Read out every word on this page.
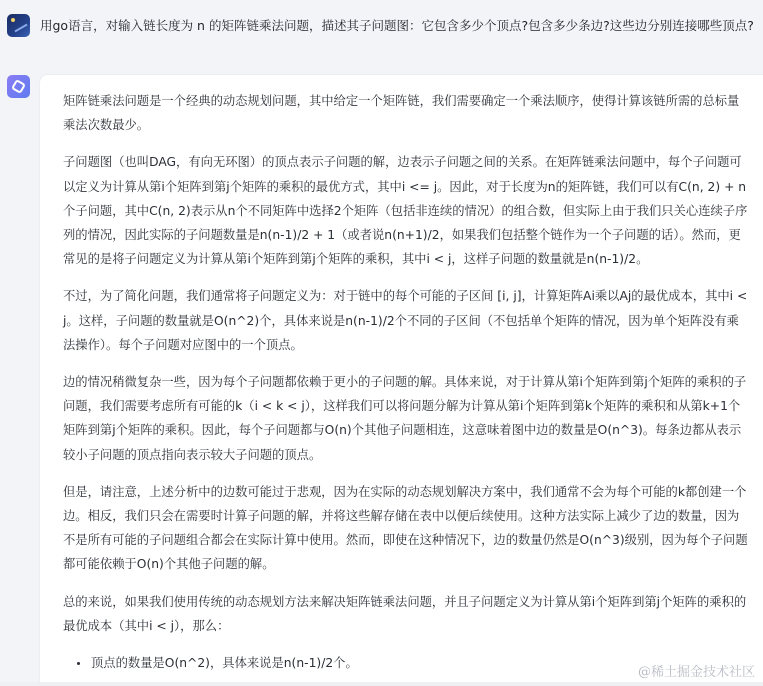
用go语言，对输入链长度为 n 的矩阵链乘法问题，描述其子问题图：它包含多少个顶点?包含多少条边?这些边分别连接哪些顶点?

矩阵链乘法问题是一个经典的动态规划问题，其中给定一个矩阵链，我们需要确定一个乘法顺序，使得计算该链所需的总标量乘法次数最少。

子问题图（也叫DAG，有向无环图）的顶点表示子问题的解，边表示子问题之间的关系。在矩阵链乘法问题中，每个子问题可以定义为计算从第i个矩阵到第j个矩阵的乘积的最优方式，其中i <= j。因此，对于长度为n的矩阵链，我们可以有C(n, 2) + n个子问题，其中C(n, 2)表示从n个不同矩阵中选择2个矩阵（包括非连续的情况）的组合数，但实际上由于我们只关心连续子序列的情况，因此实际的子问题数量是n(n-1)/2 + 1（或者说n(n+1)/2，如果我们包括整个链作为一个子问题的话）。然而，更常见的是将子问题定义为计算从第i个矩阵到第j个矩阵的乘积，其中i < j，这样子问题的数量就是n(n-1)/2。

不过，为了简化问题，我们通常将子问题定义为：对于链中的每个可能的子区间 [i, j]，计算矩阵Ai乘以Aj的最优成本，其中i < j。这样，子问题的数量就是O(n^2)个，具体来说是n(n-1)/2个不同的子区间（不包括单个矩阵的情况，因为单个矩阵没有乘法操作）。每个子问题对应图中的一个顶点。

边的情况稍微复杂一些，因为每个子问题都依赖于更小的子问题的解。具体来说，对于计算从第i个矩阵到第j个矩阵的乘积的子问题，我们需要考虑所有可能的k（i < k < j），这样我们可以将问题分解为计算从第i个矩阵到第k个矩阵的乘积和从第k+1个矩阵到第j个矩阵的乘积。因此，每个子问题都与O(n)个其他子问题相连，这意味着图中边的数量是O(n^3)。每条边都从表示较小子问题的顶点指向表示较大子问题的顶点。

但是，请注意，上述分析中的边数可能过于悲观，因为在实际的动态规划解决方案中，我们通常不会为每个可能的k都创建一个边。相反，我们只会在需要时计算子问题的解，并将这些解存储在表中以便后续使用。这种方法实际上减少了边的数量，因为不是所有可能的子问题组合都会在实际计算中使用。然而，即使在这种情况下，边的数量仍然是O(n^3)级别，因为每个子问题都可能依赖于O(n)个其他子问题的解。

总的来说，如果我们使用传统的动态规划方法来解决矩阵链乘法问题，并且子问题定义为计算从第i个矩阵到第j个矩阵的乘积的最优成本（其中i < j），那么：

顶点的数量是O(n^2)，具体来说是n(n-1)/2个。
@稀土掘金技术社区
